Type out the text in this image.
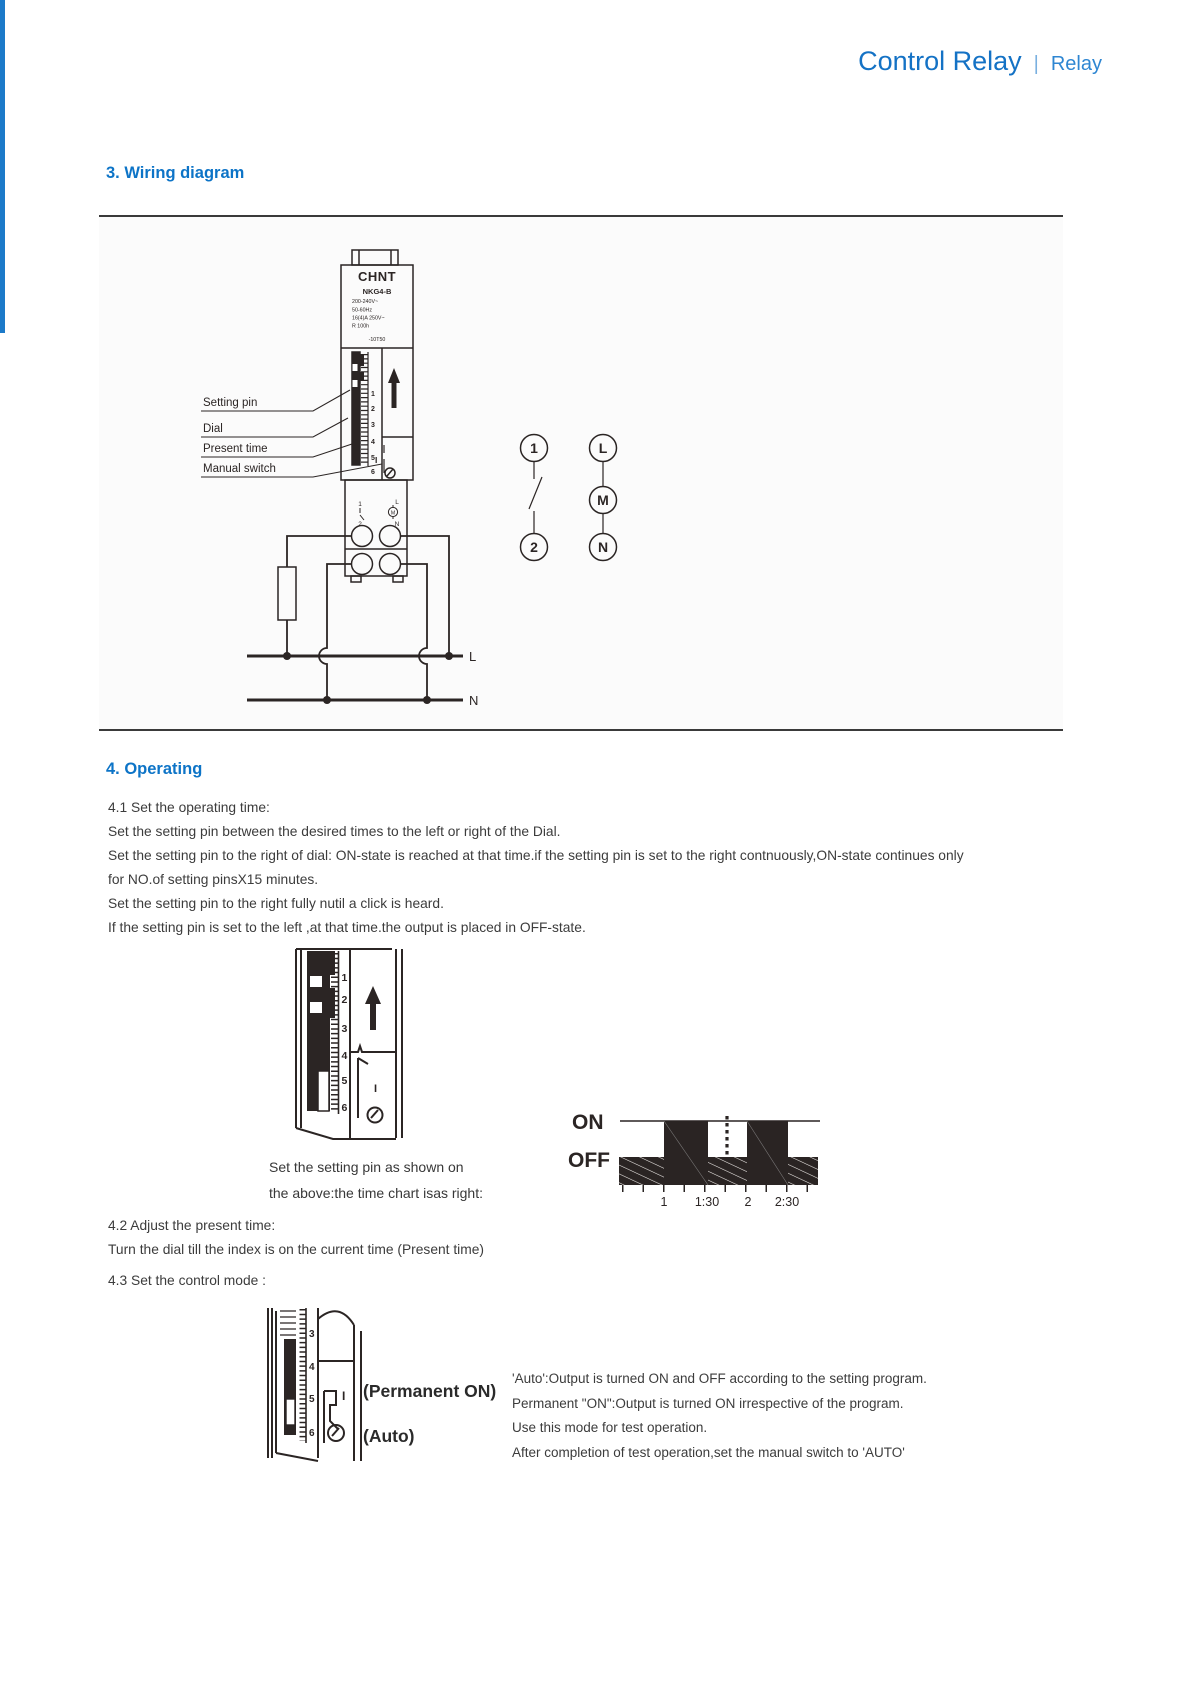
Control Relay | Relay
3. Wiring diagram
CHNT
NKG4-B
200-240V~
50-60Hz
16(4)A 250V~
R 100h
-10T50
1
2
3
4
5
6
I
1
2
L
M
N
Setting pin
Dial
Present time
Manual switch
L
N
1	L
M
2	N
4. Operating
4.1 Set the operating time:
Set the setting pin between the desired times to the left or right of the Dial.
Set the setting pin to the right of dial: ON-state is reached at that time.if the setting pin is set to the right contnuously,ON-state continues only
for NO.of setting pinsX15 minutes.
Set the setting pin to the right fully nutil a click is heard.
If the setting pin is set to the left ,at that time.the output is placed in OFF-state.
1
2
3
4
5
6
I
Set the setting pin as shown on
the above:the time chart isas right:
ON
OFF
1 1:30 2 2:30
4.2 Adjust the present time:
Turn the dial till the index is on the current time (Present time)
4.3 Set the control mode :
3
4
5
6
I (Permanent ON)
(Auto)
'Auto':Output is turned ON and OFF according to the setting program.
Permanent "ON":Output is turned ON irrespective of the program.
Use this mode for test operation.
After completion of test operation,set the manual switch to 'AUTO'
